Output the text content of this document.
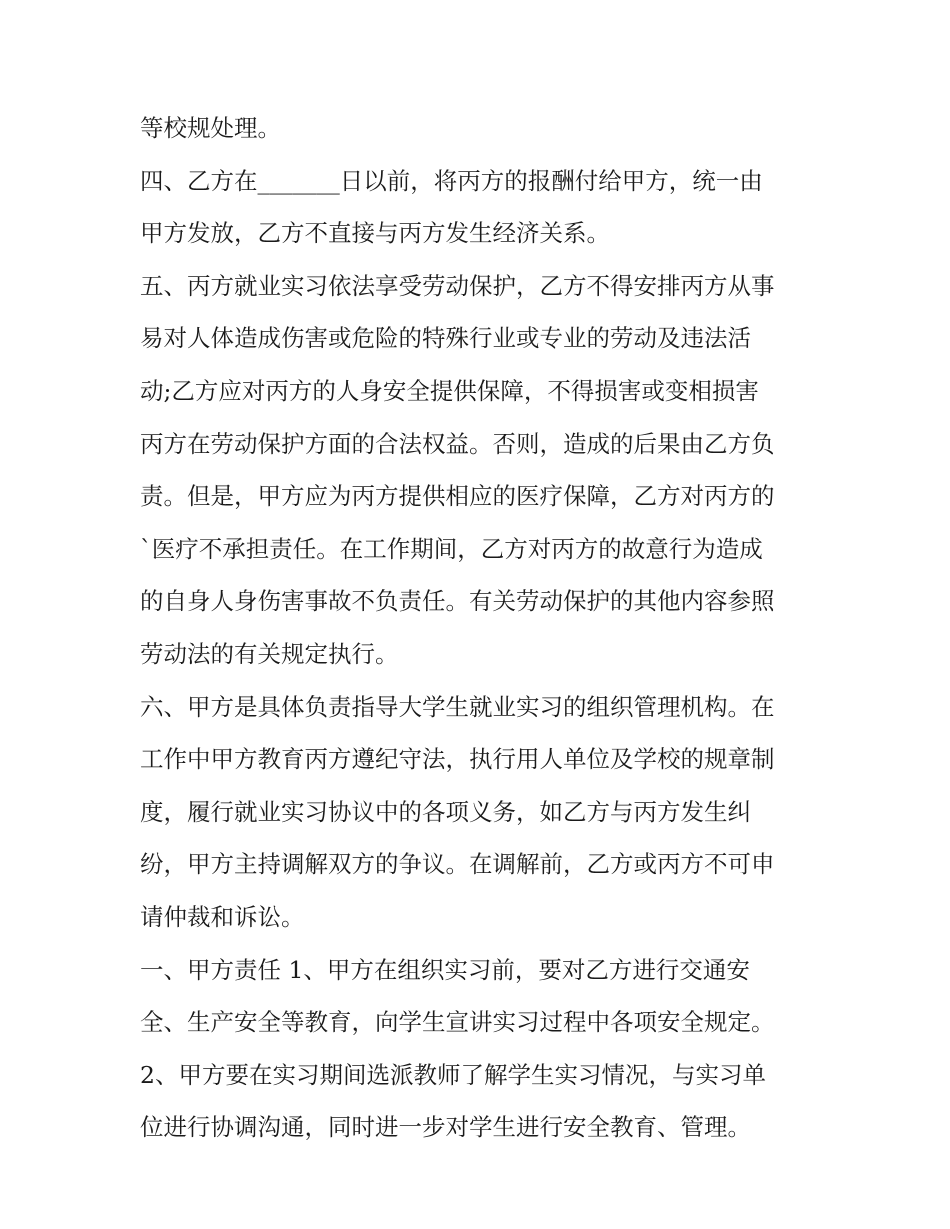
等校规处理。

四、乙方在_______日以前，将丙方的报酬付给甲方，统一由

甲方发放，乙方不直接与丙方发生经济关系。

五、丙方就业实习依法享受劳动保护，乙方不得安排丙方从事

易对人体造成伤害或危险的特殊行业或专业的劳动及违法活

动;乙方应对丙方的人身安全提供保障，不得损害或变相损害

丙方在劳动保护方面的合法权益。否则，造成的后果由乙方负

责。但是，甲方应为丙方提供相应的医疗保障，乙方对丙方的

`医疗不承担责任。在工作期间，乙方对丙方的故意行为造成

的自身人身伤害事故不负责任。有关劳动保护的其他内容参照

劳动法的有关规定执行。

六、甲方是具体负责指导大学生就业实习的组织管理机构。在

工作中甲方教育丙方遵纪守法，执行用人单位及学校的规章制

度，履行就业实习协议中的各项义务，如乙方与丙方发生纠

纷，甲方主持调解双方的争议。在调解前，乙方或丙方不可申

请仲裁和诉讼。

一、甲方责任 1、甲方在组织实习前，要对乙方进行交通安

全、生产安全等教育，向学生宣讲实习过程中各项安全规定。

2、甲方要在实习期间选派教师了解学生实习情况，与实习单

位进行协调沟通，同时进一步对学生进行安全教育、管理。
